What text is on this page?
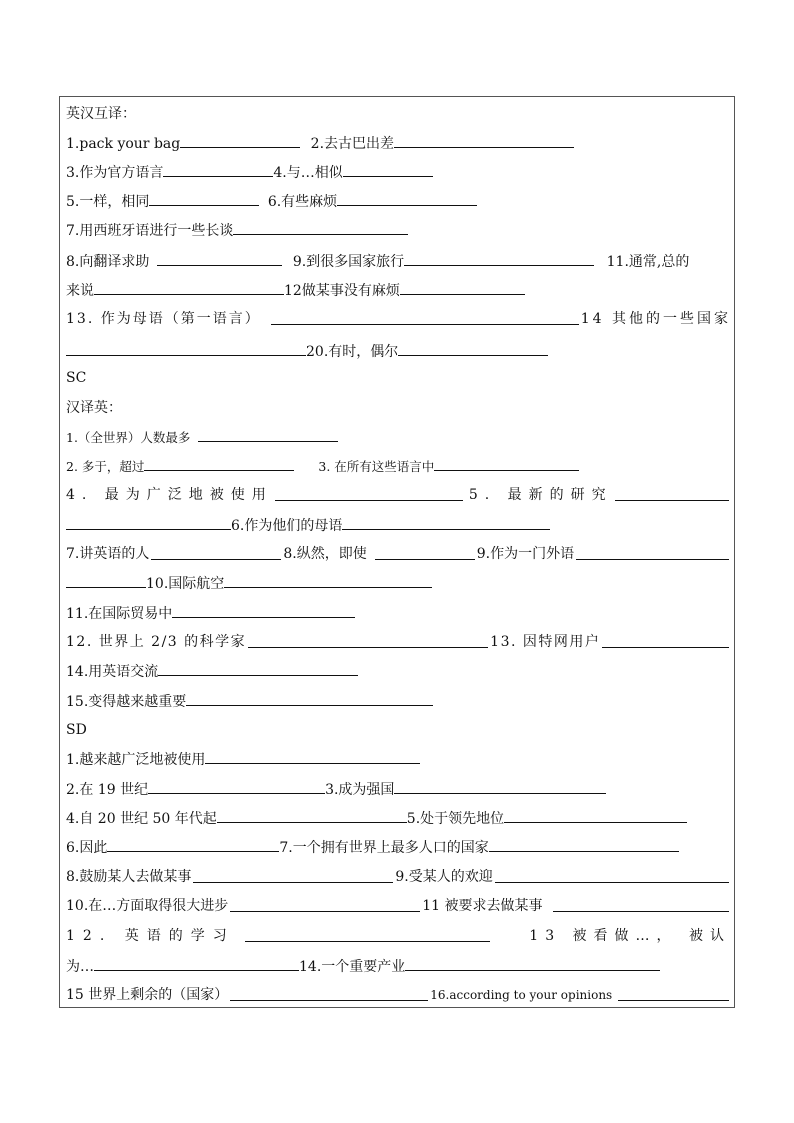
英汉互译：
1.pack your bag	2.去古巴出差
3.作为官方语言	4.与…相似
5.一样，相同	6.有些麻烦
7.用西班牙语进行一些长谈
8.向翻译求助	9.到很多国家旅行	11.通常,总的
来说	12做某事没有麻烦
13. 作为母语（第一语言）	14 其他的一些国家
20.有时，偶尔
SC
汉译英：
1.（全世界）人数最多
2. 多于，超过	3. 在所有这些语言中
4. 最为广泛地被使用	5. 最新的研究
6.作为他们的母语
7.讲英语的人	8.纵然，即使	9.作为一门外语
10.国际航空
11.在国际贸易中
12. 世界上 2/3 的科学家	13. 因特网用户
14.用英语交流
15.变得越来越重要
SD
1.越来越广泛地被使用
2.在 19 世纪	3.成为强国
4.自 20 世纪 50 年代起	5.处于领先地位
6.因此	7.一个拥有世界上最多人口的国家
8.鼓励某人去做某事	9.受某人的欢迎
10.在…方面取得很大进步	11 被要求去做某事
12. 英语的学习	13 被看做…， 被认
为…	14.一个重要产业
15 世界上剩余的（国家）	16.according to your opinions
